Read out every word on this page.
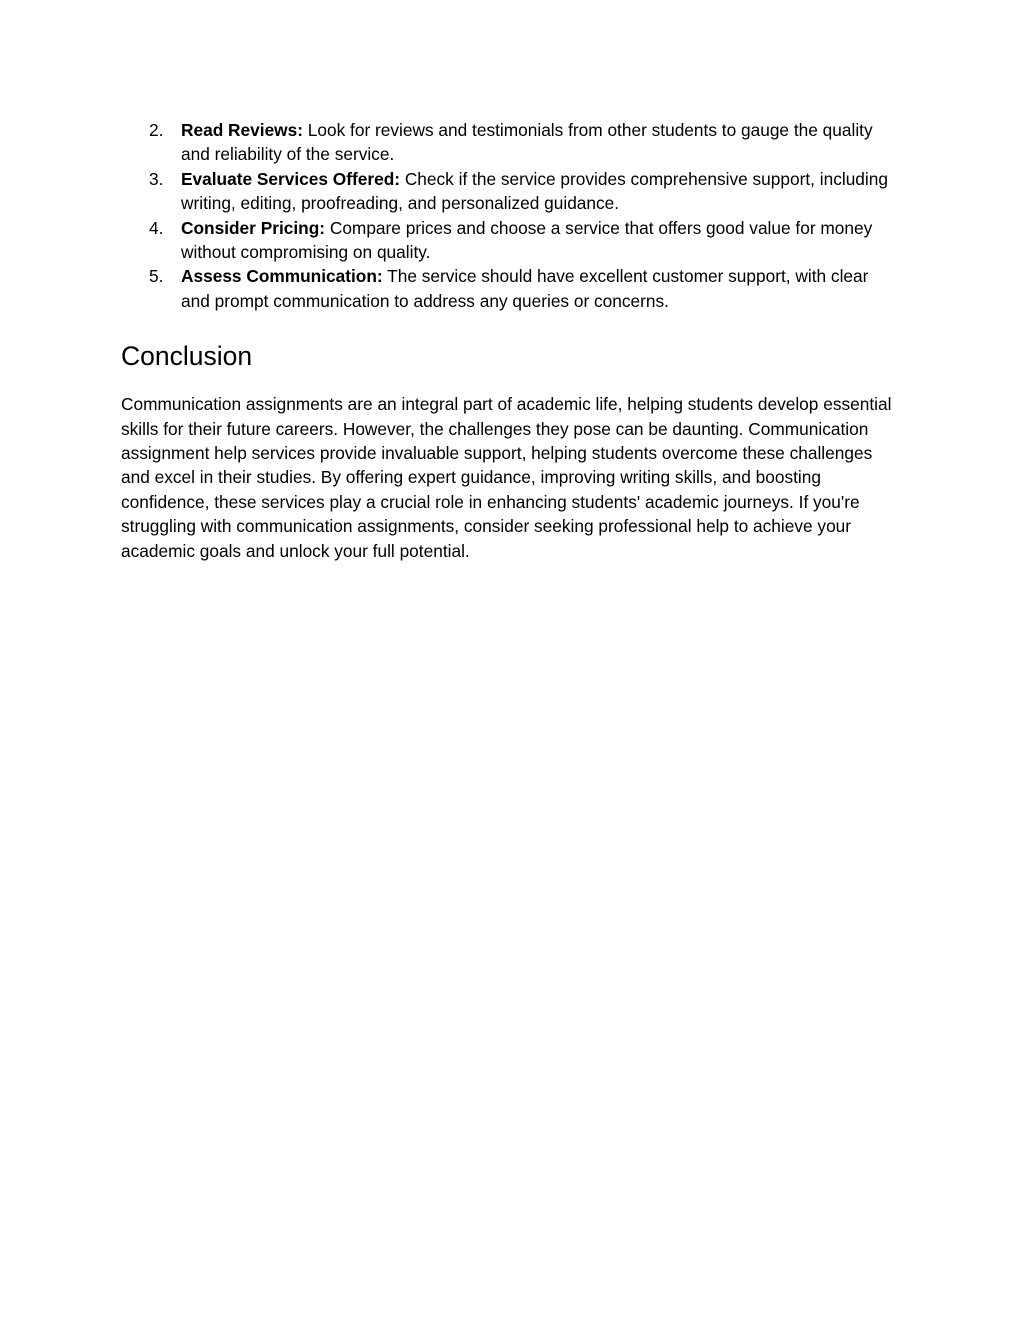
2.	Read Reviews: Look for reviews and testimonials from other students to gauge the quality and reliability of the service.
3.	Evaluate Services Offered: Check if the service provides comprehensive support, including writing, editing, proofreading, and personalized guidance.
4.	Consider Pricing: Compare prices and choose a service that offers good value for money without compromising on quality.
5.	Assess Communication: The service should have excellent customer support, with clear and prompt communication to address any queries or concerns.
Conclusion

Communication assignments are an integral part of academic life, helping students develop essential skills for their future careers. However, the challenges they pose can be daunting. Communication assignment help services provide invaluable support, helping students overcome these challenges and excel in their studies. By offering expert guidance, improving writing skills, and boosting confidence, these services play a crucial role in enhancing students' academic journeys. If you're struggling with communication assignments, consider seeking professional help to achieve your academic goals and unlock your full potential.
